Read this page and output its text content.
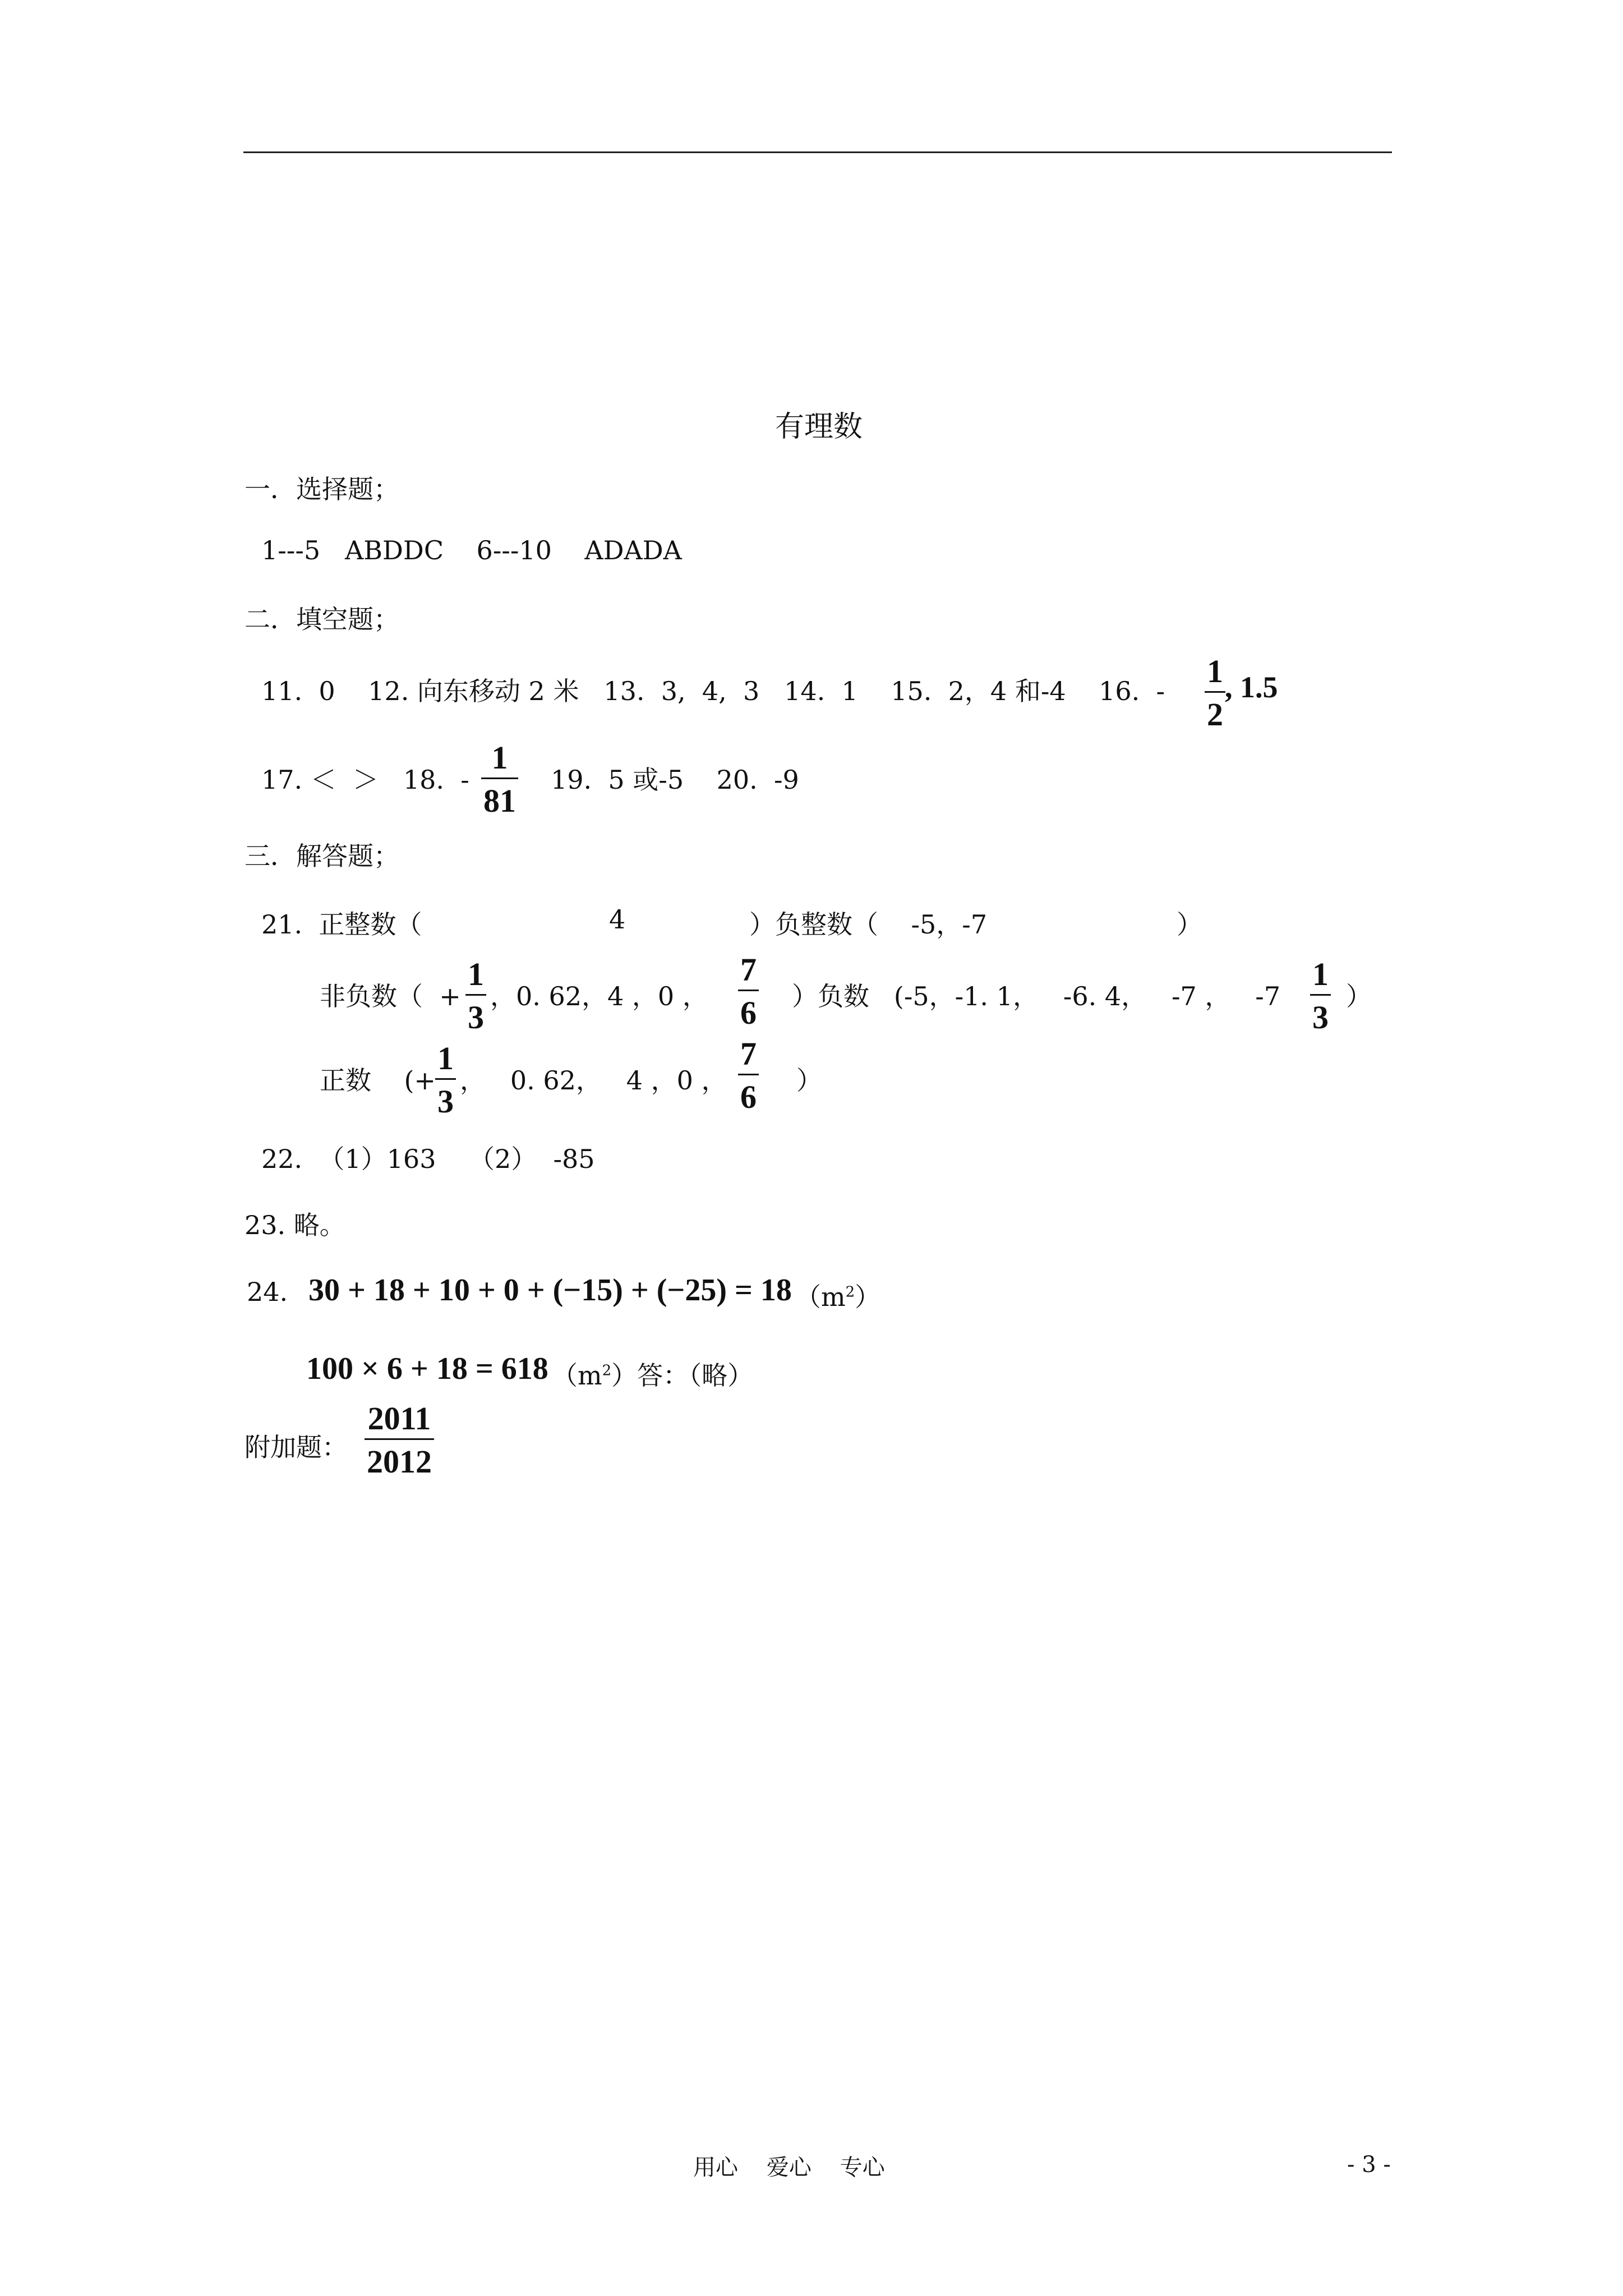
有理数
一．选择题；
1---5   ABDDC    6---10    ADADA
二．填空题；
11.  0    12. 向东移动 2 米   13.  3,  4,  3   14.  1    15.  2，4 和-4    16.  -
1
2
, 1.5
17. ＜  ＞   18.  -
1
81
19.  5 或-5    20.  -9
三．解答题；
21.  正整数（	4	）负整数（    -5，-7	）
非负数（  +
1
3
，0. 62，4 ，0 ，
7
6 ）负数   (-5，-1. 1，   -6. 4，   -7 ，   -7
1
3
）
正数    (+
1
3
，   0. 62，   4 ，0 ，
7
6 ）
22.  （1）163    （2）  -85
23. 略。
24. 30 + 18 + 10 + 0 + (−15) + (−25) = 18 $(m^2)$
100 × 6 + 18 = 618 $(m^2)$答：（略）
附加题：
2011
2012
用心    爱心    专心	- 3 -
